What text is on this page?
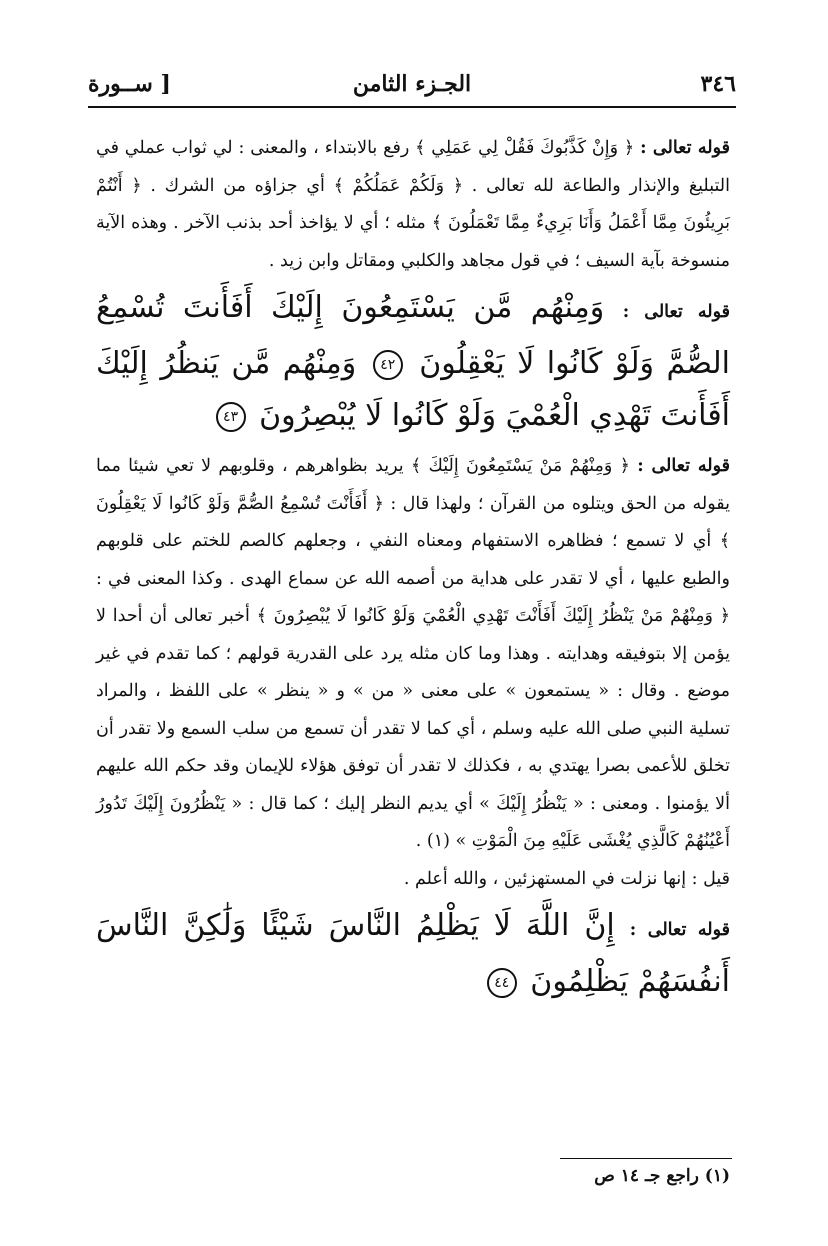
٣٤٦
الجـزء الثامن
[ ســورة

قوله تعالى : ﴿ وَإِنْ كَذَّبُوكَ فَقُلْ لِي عَمَلِي ﴾ رفع بالابتداء ، والمعنى : لي ثواب عملي في التبليغ والإنذار والطاعة لله تعالى . ﴿ وَلَكُمْ عَمَلُكُمْ ﴾ أي جزاؤه من الشرك . ﴿ أَنْتُمْ بَرِيئُونَ مِمَّا أَعْمَلُ وَأَنَا بَرِيءٌ مِمَّا تَعْمَلُونَ ﴾ مثله ؛ أي لا يؤاخذ أحد بذنب الآخر . وهذه الآية منسوخة بآية السيف ؛ في قول مجاهد والكلبي ومقاتل وابن زيد .

قوله تعالى : وَمِنْهُم مَّن يَسْتَمِعُونَ إِلَيْكَ أَفَأَنتَ تُسْمِعُ الصُّمَّ وَلَوْ كَانُوا لَا يَعْقِلُونَ ٤٢ وَمِنْهُم مَّن يَنظُرُ إِلَيْكَ أَفَأَنتَ تَهْدِي الْعُمْيَ وَلَوْ كَانُوا لَا يُبْصِرُونَ ٤٣

قوله تعالى : ﴿ وَمِنْهُمْ مَنْ يَسْتَمِعُونَ إِلَيْكَ ﴾ يريد بظواهرهم ، وقلوبهم لا تعي شيئا مما يقوله من الحق ويتلوه من القرآن ؛ ولهذا قال : ﴿ أَفَأَنْتَ تُسْمِعُ الصُّمَّ وَلَوْ كَانُوا لَا يَعْقِلُونَ ﴾ أي لا تسمع ؛ فظاهره الاستفهام ومعناه النفي ، وجعلهم كالصم للختم على قلوبهم والطبع عليها ، أي لا تقدر على هداية من أصمه الله عن سماع الهدى . وكذا المعنى في : ﴿ وَمِنْهُمْ مَنْ يَنْظُرُ إِلَيْكَ أَفَأَنْتَ تَهْدِي الْعُمْيَ وَلَوْ كَانُوا لَا يُبْصِرُونَ ﴾ أخبر تعالى أن أحدا لا يؤمن إلا بتوفيقه وهدايته . وهذا وما كان مثله يرد على القدرية قولهم ؛ كما تقدم في غير موضع . وقال : « يستمعون » على معنى « من » و « ينظر » على اللفظ ، والمراد تسلية النبي صلى الله عليه وسلم ، أي كما لا تقدر أن تسمع من سلب السمع ولا تقدر أن تخلق للأعمى بصرا يهتدي به ، فكذلك لا تقدر أن توفق هؤلاء للإيمان وقد حكم الله عليهم ألا يؤمنوا . ومعنى : « يَنْظُرُ إِلَيْكَ » أي يديم النظر إليك ؛ كما قال : « يَنْظُرُونَ إِلَيْكَ تَدُورُ أَعْيُنُهُمْ كَالَّذِي يُغْشَى عَلَيْهِ مِنَ الْمَوْتِ » (١) .

قيل : إنها نزلت في المستهزئين ، والله أعلم .

قوله تعالى : إِنَّ اللَّهَ لَا يَظْلِمُ النَّاسَ شَيْئًا وَلَٰكِنَّ النَّاسَ أَنفُسَهُمْ يَظْلِمُونَ ٤٤

(١) راجع جـ ١٤ ص
